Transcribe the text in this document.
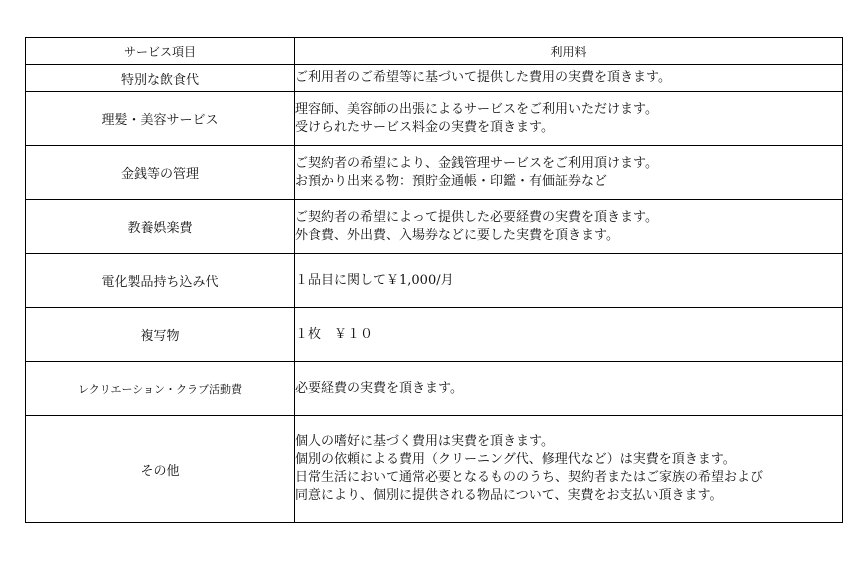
サービス項目	利用料
特別な飲食代	ご利用者のご希望等に基づいて提供した費用の実費を頂きます。

理髪・美容サービス	理容師、美容師の出張によるサービスをご利用いただけます。
受けられたサービス料金の実費を頂きます。

金銭等の管理	ご契約者の希望により、金銭管理サービスをご利用頂けます。
お預かり出来る物：預貯金通帳・印鑑・有価証券など

教養娯楽費	ご契約者の希望によって提供した必要経費の実費を頂きます。
外食費、外出費、入場券などに要した実費を頂きます。

電化製品持ち込み代	１品目に関して￥1,000/月

複写物	１枚　￥１０

レクリエーション・クラブ活動費	必要経費の実費を頂きます。

その他	個人の嗜好に基づく費用は実費を頂きます。
個別の依頼による費用（クリーニング代、修理代など）は実費を頂きます。
日常生活において通常必要となるもののうち、契約者またはご家族の希望および
同意により、個別に提供される物品について、実費をお支払い頂きます。
